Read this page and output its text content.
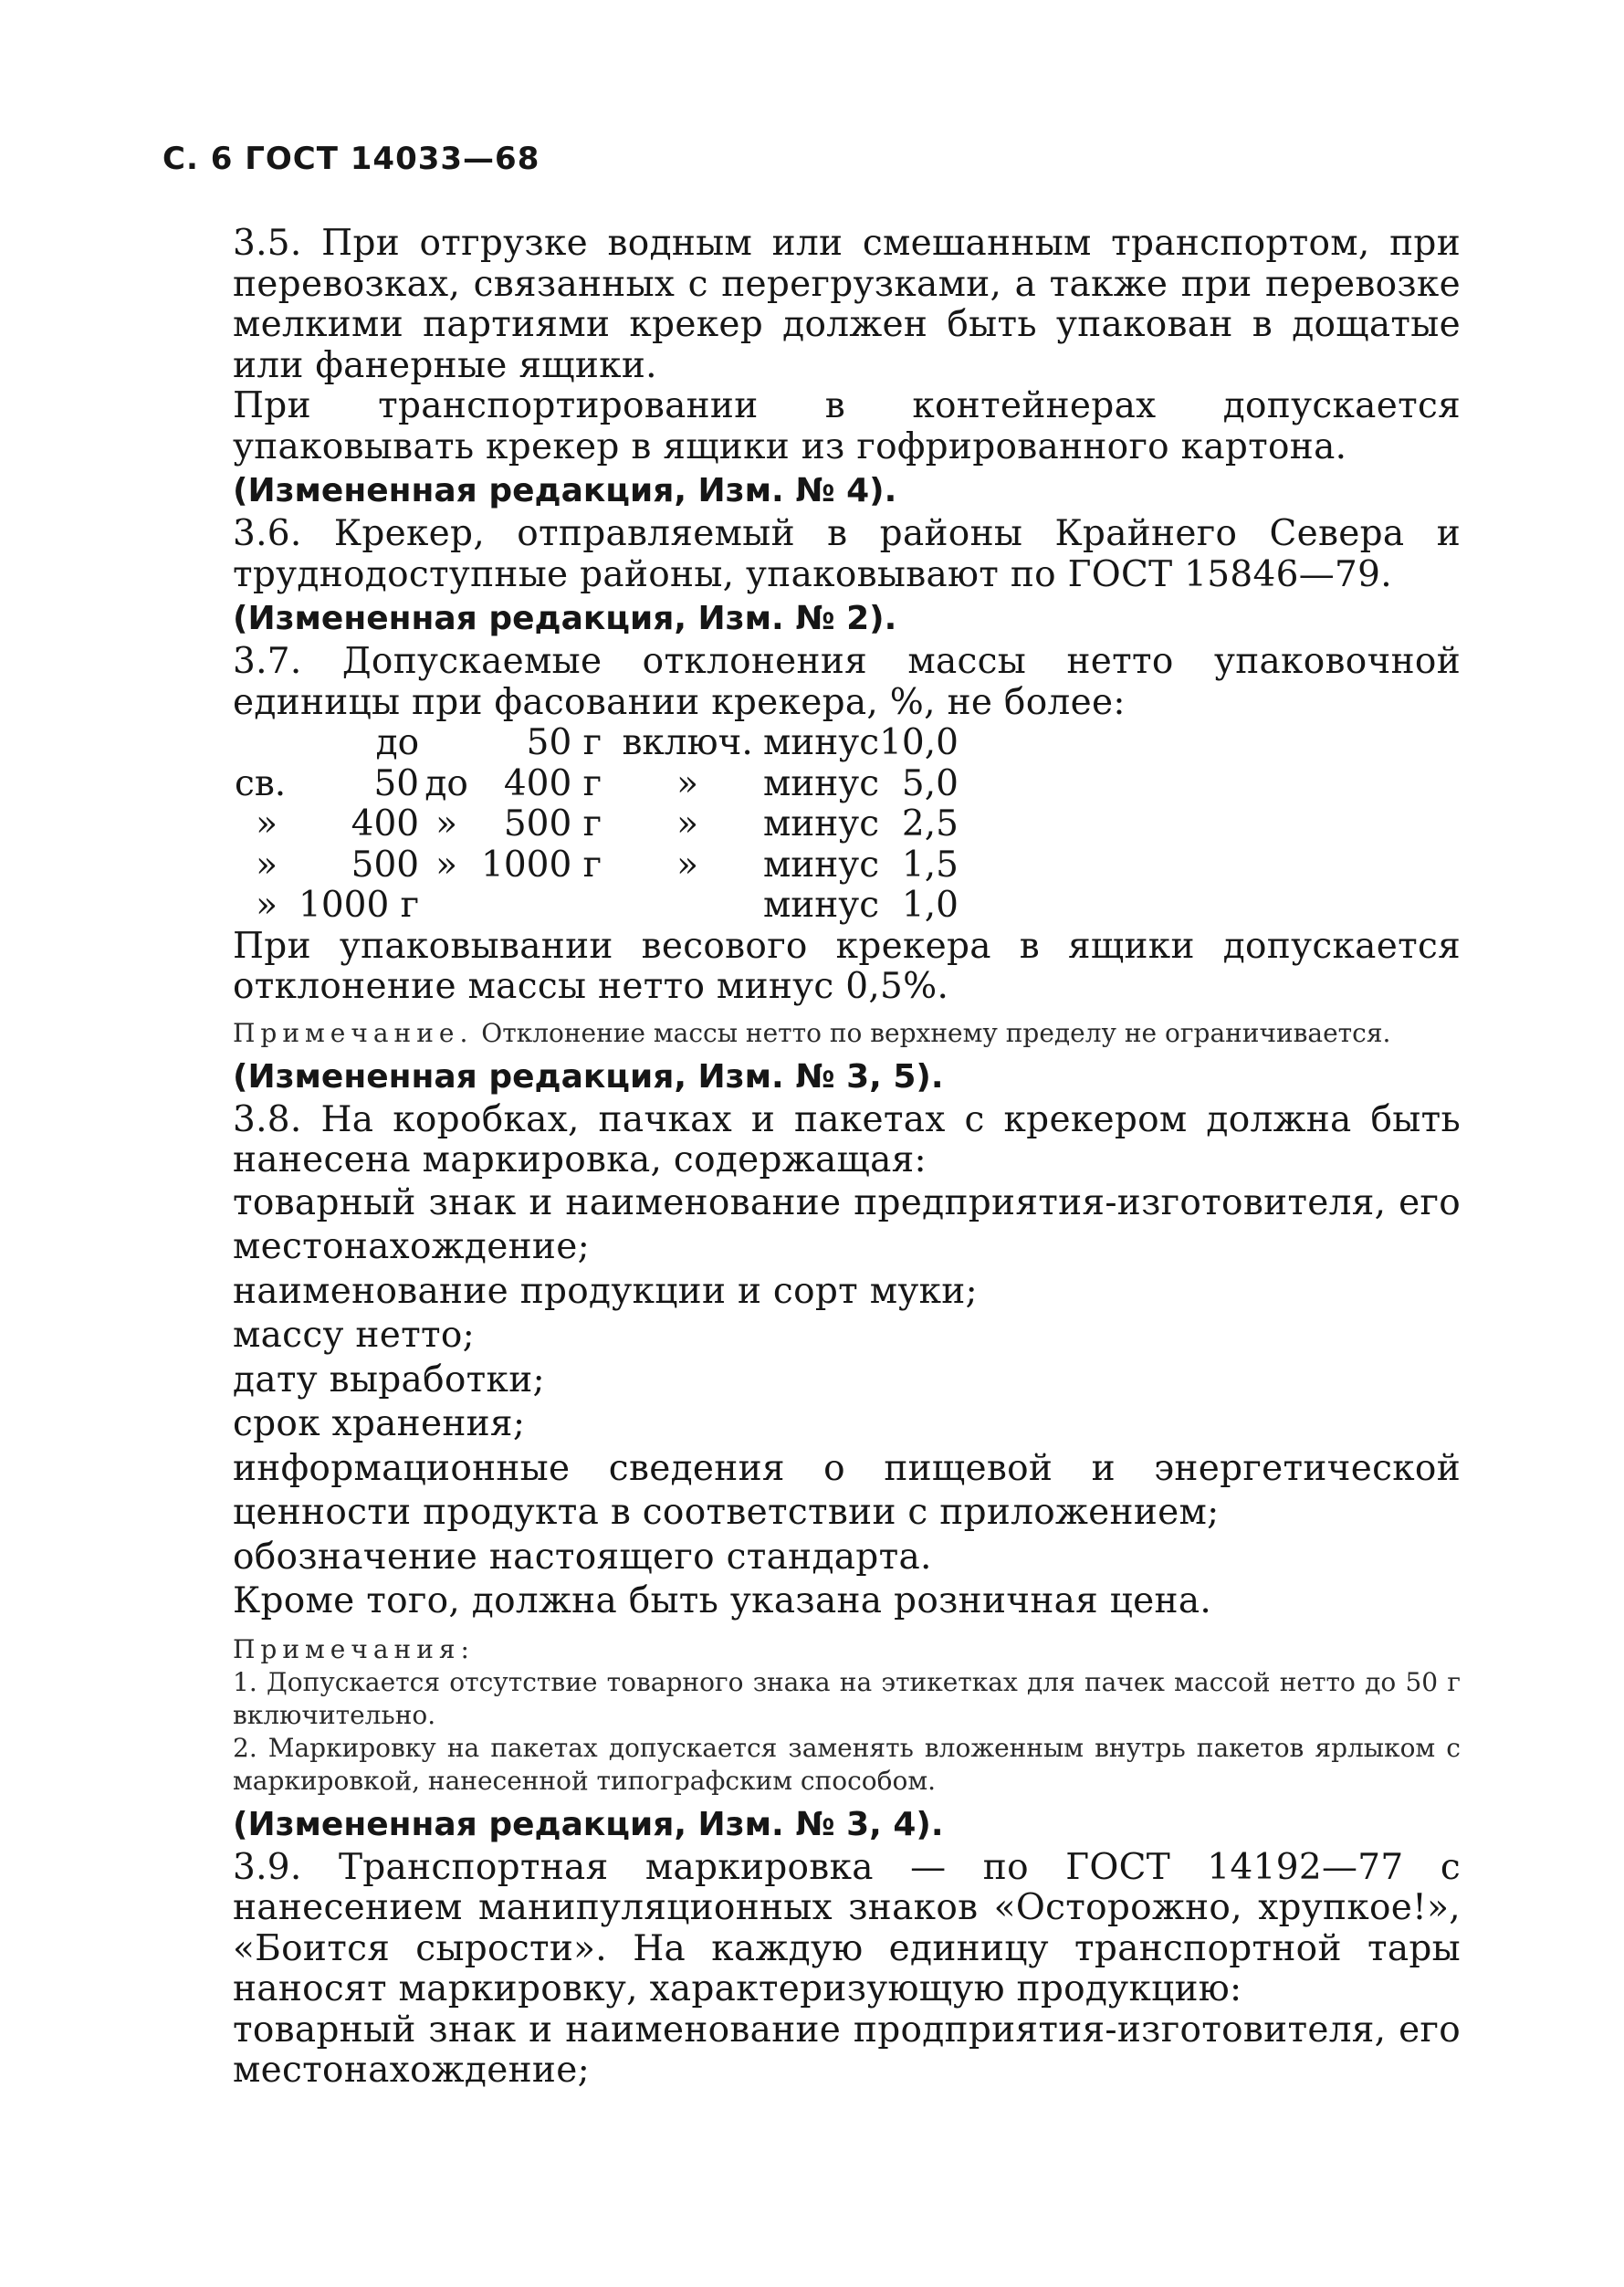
С. 6 ГОСТ 14033—68

3.5. При отгрузке водным или смешанным транспортом, при перевозках, связанных с перегрузками, а также при перевозке мелкими партиями крекер должен быть упакован в дощатые или фанерные ящики.

При транспортировании в контейнерах допускается упаковывать крекер в ящики из гофрированного картона.

(Измененная редакция, Изм. № 4).

3.6. Крекер, отправляемый в районы Крайнего Севера и труднодоступные районы, упаковывают по ГОСТ 15846—79.

(Измененная редакция, Изм. № 2).

3.7. Допускаемые отклонения массы нетто упаковочной единицы при фасовании крекера, %, не более:

	до		50 г	включ.	минус	10,0
св.	50	до	400 г	»	минус	5,0
»	400	»	500 г	»	минус	2,5
»	500	»	1000 г	»	минус	1,5
»	1000 г				минус	1,0

При упаковывании весового крекера в ящики допускается отклонение массы нетто минус 0,5%.

Примечание. Отклонение массы нетто по верхнему пределу не ограничивается.

(Измененная редакция, Изм. № 3, 5).

3.8. На коробках, пачках и пакетах с крекером должна быть нанесена маркировка, содержащая:

товарный знак и наименование предприятия-изготовителя, его местонахождение;

наименование продукции и сорт муки;

массу нетто;

дату выработки;

срок хранения;

информационные сведения о пищевой и энергетической ценности продукта в соответствии с приложением;

обозначение настоящего стандарта.

Кроме того, должна быть указана розничная цена.

Примечания:

1. Допускается отсутствие товарного знака на этикетках для пачек массой нетто до 50 г включительно.

2. Маркировку на пакетах допускается заменять вложенным внутрь пакетов ярлыком с маркировкой, нанесенной типографским способом.

(Измененная редакция, Изм. № 3, 4).

3.9. Транспортная маркировка — по ГОСТ 14192—77 с нанесением манипуляционных знаков «Осторожно, хрупкое!», «Боится сырости». На каждую единицу транспортной тары наносят маркировку, характеризующую продукцию:

товарный знак и наименование продприятия-изготовителя, его местонахождение;
